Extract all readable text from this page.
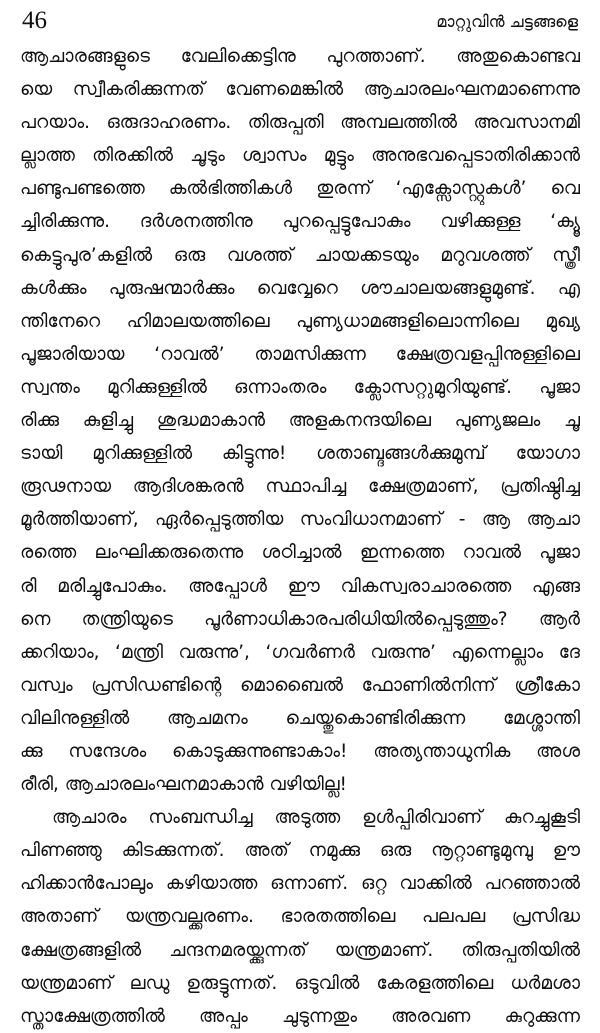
46	മാറ്റുവിൻ ചട്ടങ്ങളെ
ആചാരങ്ങളുടെ വേലിക്കെട്ടിനു പുറത്താണ്. അതുകൊണ്ടവ
യെ സ്വീകരിക്കുന്നത് വേണമെങ്കിൽ ആചാരലംഘനമാണെന്നു
പറയാം. ഒരുദാഹരണം. തിരുപ്പതി അമ്പലത്തിൽ അവസാനമി
ല്ലാത്ത തിരക്കിൽ ചൂടും ശ്വാസം മുട്ടും അനുഭവപ്പെടാതിരിക്കാൻ
പണ്ടുപണ്ടത്തെ കൽഭിത്തികൾ തുരന്ന് ‘എക്സോസ്റ്റുകൾ’ വെ
ച്ചിരിക്കുന്നു. ദർശനത്തിനു പുറപ്പെട്ടുപോകും വഴിക്കുള്ള ‘ക്യൂ
കെട്ടുപുര’കളിൽ ഒരു വശത്ത് ചായക്കടയും മറുവശത്ത് സ്ത്രീ
കൾക്കും പുരുഷന്മാർക്കും വെവ്വേറെ ശൗചാലയങ്ങളുമുണ്ട്. എ
ന്തിനേറെ ഹിമാലയത്തിലെ പുണ്യധാമങ്ങളിലൊന്നിലെ മുഖ്യ
പൂജാരിയായ ‘റാവൽ’ താമസിക്കുന്ന ക്ഷേത്രവളപ്പിനുള്ളിലെ
സ്വന്തം മുറിക്കുള്ളിൽ ഒന്നാംതരം ക്ലോസറ്റുമുറിയുണ്ട്. പൂജാ
രിക്കു കുളിച്ചു ശുദ്ധമാകാൻ അളകനന്ദയിലെ പുണ്യജലം ചൂ
ടായി മുറിക്കുള്ളിൽ കിട്ടുന്നു! ശതാബ്ദങ്ങൾക്കുമുമ്പ് യോഗാ
രൂഢനായ ആദിശങ്കരൻ സ്ഥാപിച്ച ക്ഷേത്രമാണ്, പ്രതിഷ്ഠിച്ച
മൂർത്തിയാണ്, ഏർപ്പെടുത്തിയ സംവിധാനമാണ് - ആ ആചാ
രത്തെ ലംഘിക്കരുതെന്നു ശഠിച്ചാൽ ഇന്നത്തെ റാവൽ പൂജാ
രി മരിച്ചുപോകും. അപ്പോൾ ഈ വികസ്വരാചാരത്തെ എങ്ങ
നെ തന്ത്രിയുടെ പൂർണാധികാരപരിധിയിൽപ്പെടുത്തും? ആർ
ക്കറിയാം, ‘മന്ത്രി വരുന്നു’, ‘ഗവർണർ വരുന്നു’ എന്നെല്ലാം ദേ
വസ്വം പ്രസിഡണ്ടിന്റെ മൊബൈൽ ഫോണിൽനിന്ന് ശ്രീകോ
വിലിനുള്ളിൽ ആചമനം ചെയ്തുകൊണ്ടിരിക്കുന്ന മേശ്ശാന്തി
ക്കു സന്ദേശം കൊടുക്കുന്നുണ്ടാകാം! അത്യന്താധുനിക അശ
രീരി, ആചാരലംഘനമാകാൻ വഴിയില്ല!
ആചാരം സംബന്ധിച്ച അടുത്ത ഉൾപ്പിരിവാണ് കുറച്ചുകൂടി
പിണഞ്ഞു കിടക്കുന്നത്. അത് നമുക്കു ഒരു നൂറ്റാണ്ടുമുമ്പു ഊ
ഹിക്കാൻപോലും കഴിയാത്ത ഒന്നാണ്. ഒറ്റ വാക്കിൽ പറഞ്ഞാൽ
അതാണ് യന്ത്രവല്ക്കരണം. ഭാരതത്തിലെ പലപല പ്രസിദ്ധ
ക്ഷേത്രങ്ങളിൽ ചന്ദനമരയ്ക്കുന്നത് യന്ത്രമാണ്. തിരുപ്പതിയിൽ
യന്ത്രമാണ് ലഡു ഉരുട്ടുന്നത്. ഒടുവിൽ കേരളത്തിലെ ധർമശാ
സ്താക്ഷേത്രത്തിൽ അപ്പം ചുടുന്നതും അരവണ കുറുക്കുന്ന
